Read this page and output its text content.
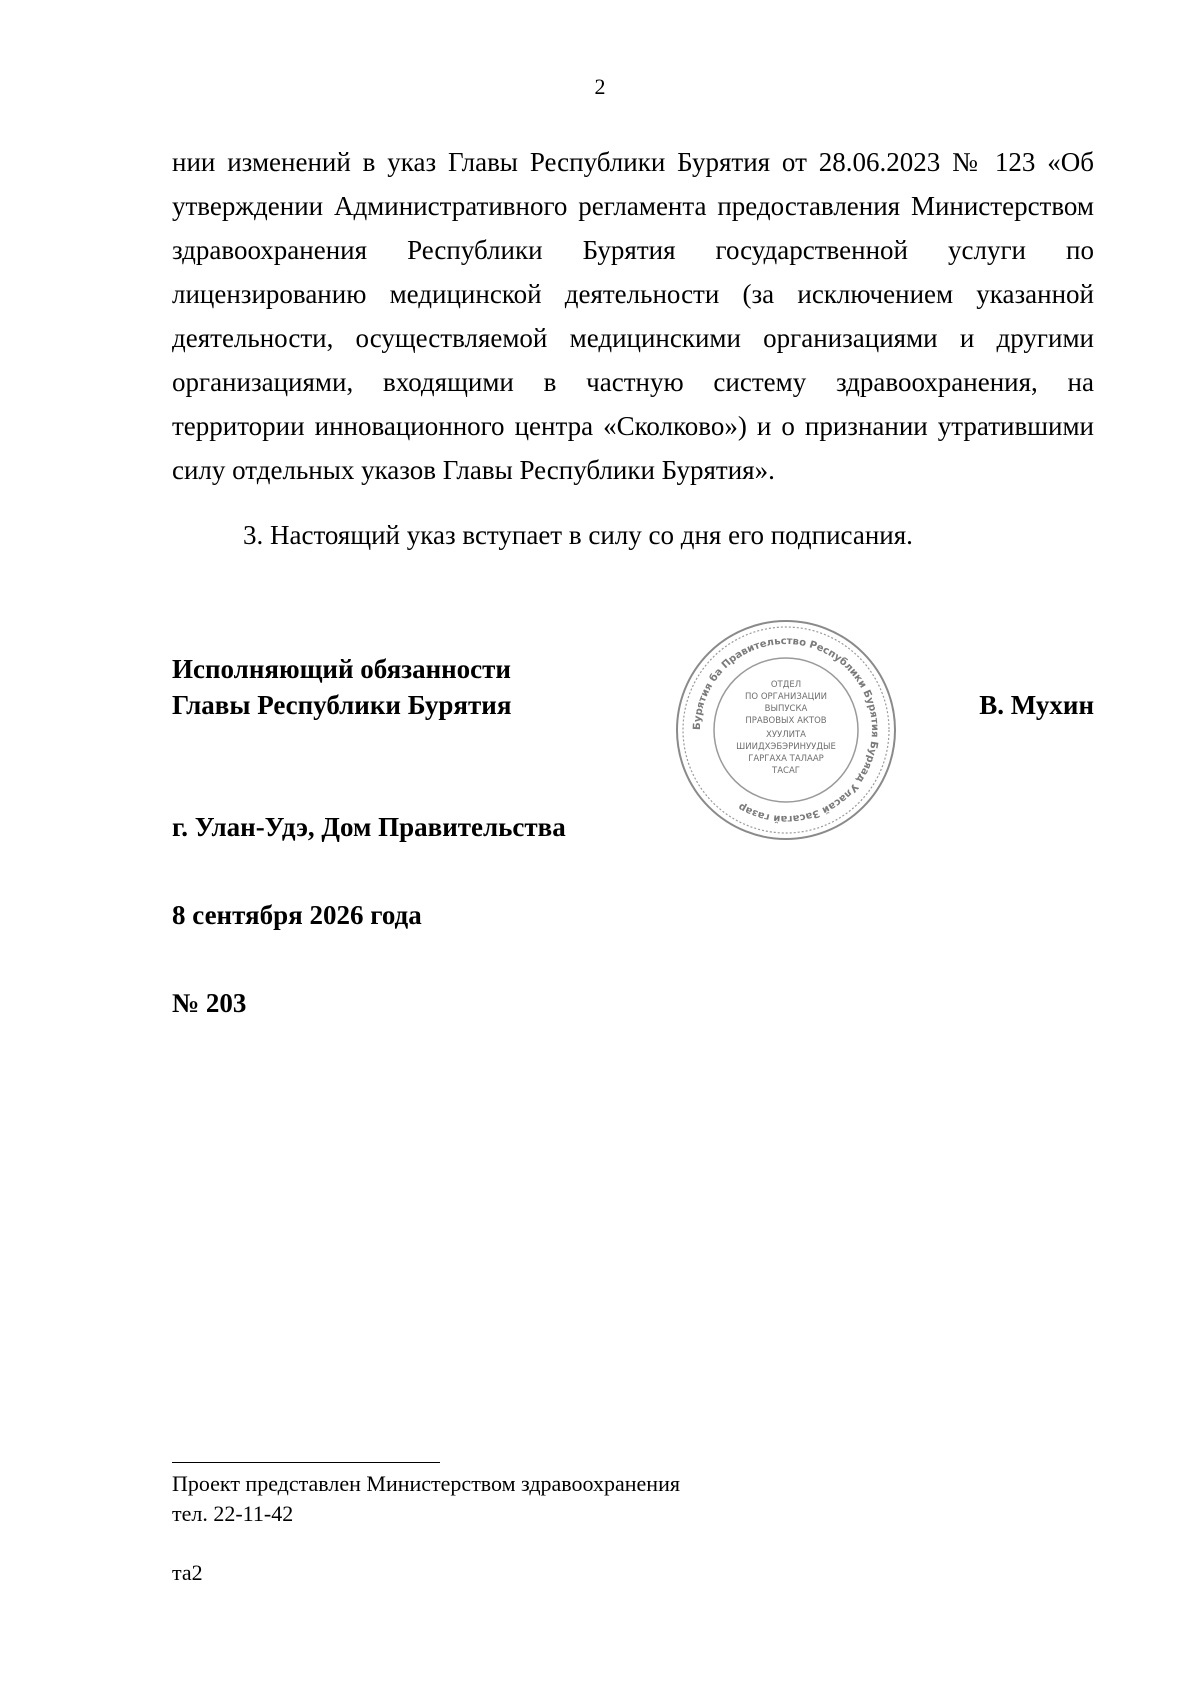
2

нии изменений в указ Главы Республики Бурятия от 28.06.2023 № 123 «Об утверждении Административного регламента предоставления Министерством здравоохранения Республики Бурятия государственной услуги по лицензированию медицинской деятельности (за исключением указанной деятельности, осуществляемой медицинскими организациями и другими организациями, входящими в частную систему здравоохранения, на территории инновационного центра «Сколково») и о признании утратившими силу отдельных указов Главы Республики Бурятия».

3. Настоящий указ вступает в силу со дня его подписания.

Исполняющий обязанности
Главы Республики Бурятия
Бурятия ба Правительство Республики Бурятия Буряад Уласай Засагай газар
ОТДЕЛ
ПО ОРГАНИЗАЦИИ
ВЫПУСКА
ПРАВОВЫХ АКТОВ
ХУУЛИТА
ШИИДХЭБЭРИНУУДЫЕ
ГАРГАХА ТАЛААР
ТАСАГ
В. Мухин
г. Улан-Удэ, Дом Правительства
8 сентября 2026 года
№ 203
Проект представлен Министерством здравоохранения
тел. 22-11-42
та2
